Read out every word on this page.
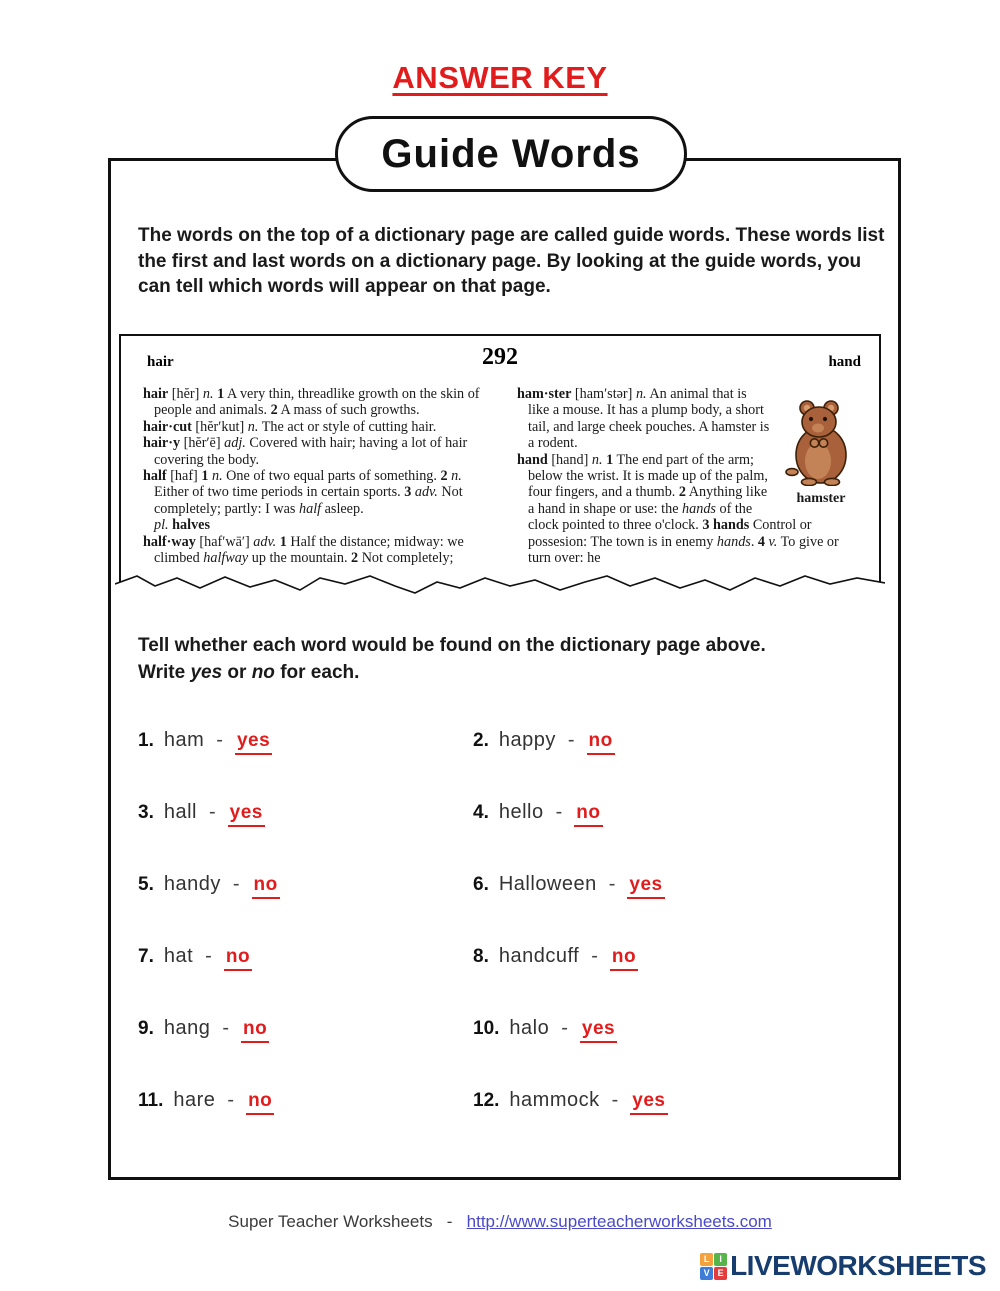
ANSWER KEY
Guide Words
The words on the top of a dictionary page are called guide words. These words list the first and last words on a dictionary page. By looking at the guide words, you can tell which words will appear on that page.
hair	292	hand

hair [hĕr] n. 1 A very thin, threadlike growth on the skin of people and animals. 2 A mass of such growths.

hair·cut [hĕr′kut] n. The act or style of cutting hair.

hair·y [hĕr′ē] adj. Covered with hair; having a lot of hair covering the body.

half [haf] 1 n. One of two equal parts of something. 2 n. Either of two time periods in certain sports. 3 adv. Not completely; partly: I was half asleep.

pl. halves

half·way [haf′wā′] adv. 1 Half the distance; midway: we climbed halfway up the mountain. 2 Not completely;

hamster

ham·ster [ham′stər] n. An animal that is like a mouse. It has a plump body, a short tail, and large cheek pouches. A hamster is a rodent.

hand [hand] n. 1 The end part of the arm; below the wrist. It is made up of the palm, four fingers, and a thumb. 2 Anything like a hand in shape or use: the hands of the clock pointed to three o'clock. 3 hands Control or possesion: The town is in enemy hands. 4 v. To give or turn over: he

Tell whether each word would be found on the dictionary page above.
Write yes or no for each.
1. ham - yes	2. happy - no
3. hall - yes	4. hello - no
5. handy - no	6. Halloween - yes
7. hat - no	8. handcuff - no
9. hang - no	10. halo - yes
11. hare - no	12. hammock - yes
Super Teacher Worksheets - http://www.superteacherworksheets.com
L	I
V E LIVEWORKSHEETS
